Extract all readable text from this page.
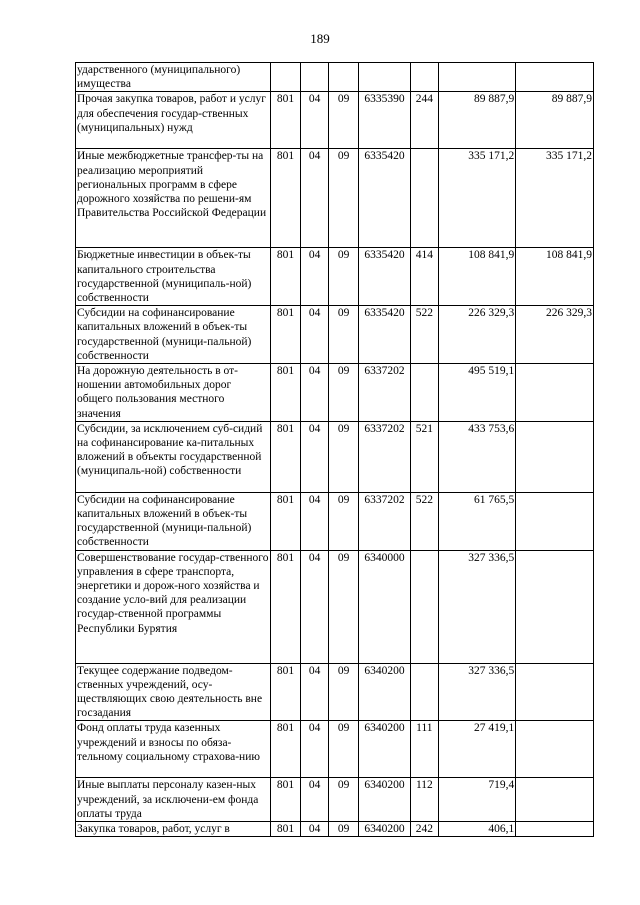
189
ударственного (муниципального) имущества							
Прочая закупка товаров, работ и услуг для обеспечения государ-ственных (муниципальных) нужд	801	04	09	6335390	244	89 887,9	89 887,9
Иные межбюджетные трансфер-ты на реализацию мероприятий региональных программ в сфере дорожного хозяйства по решени-ям Правительства Российской Федерации	801	04	09	6335420		335 171,2	335 171,2
Бюджетные инвестиции в объек-ты капитального строительства государственной (муниципаль-ной) собственности	801	04	09	6335420	414	108 841,9	108 841,9
Субсидии на софинансирование капитальных вложений в объек-ты государственной (муници-пальной) собственности	801	04	09	6335420	522	226 329,3	226 329,3
На дорожную деятельность в от-ношении автомобильных дорог общего пользования местного значения	801	04	09	6337202		495 519,1	
Субсидии, за исключением суб-сидий на софинансирование ка-питальных вложений в объекты государственной (муниципаль-ной) собственности	801	04	09	6337202	521	433 753,6	
Субсидии на софинансирование капитальных вложений в объек-ты государственной (муници-пальной) собственности	801	04	09	6337202	522	61 765,5	
Совершенствование государ-ственного управления в сфере транспорта, энергетики и дорож-ного хозяйства и создание усло-вий для реализации государ-ственной программы Республики Бурятия	801	04	09	6340000		327 336,5	
Текущее содержание подведом-ственных учреждений, осу-ществляющих свою деятельность вне госзадания	801	04	09	6340200		327 336,5	
Фонд оплаты труда казенных учреждений и взносы по обяза-тельному социальному страхова-нию	801	04	09	6340200	111	27 419,1	
Иные выплаты персоналу казен-ных учреждений, за исключени-ем фонда оплаты труда	801	04	09	6340200	112	719,4	
Закупка товаров, работ, услуг в	801	04	09	6340200	242	406,1	
